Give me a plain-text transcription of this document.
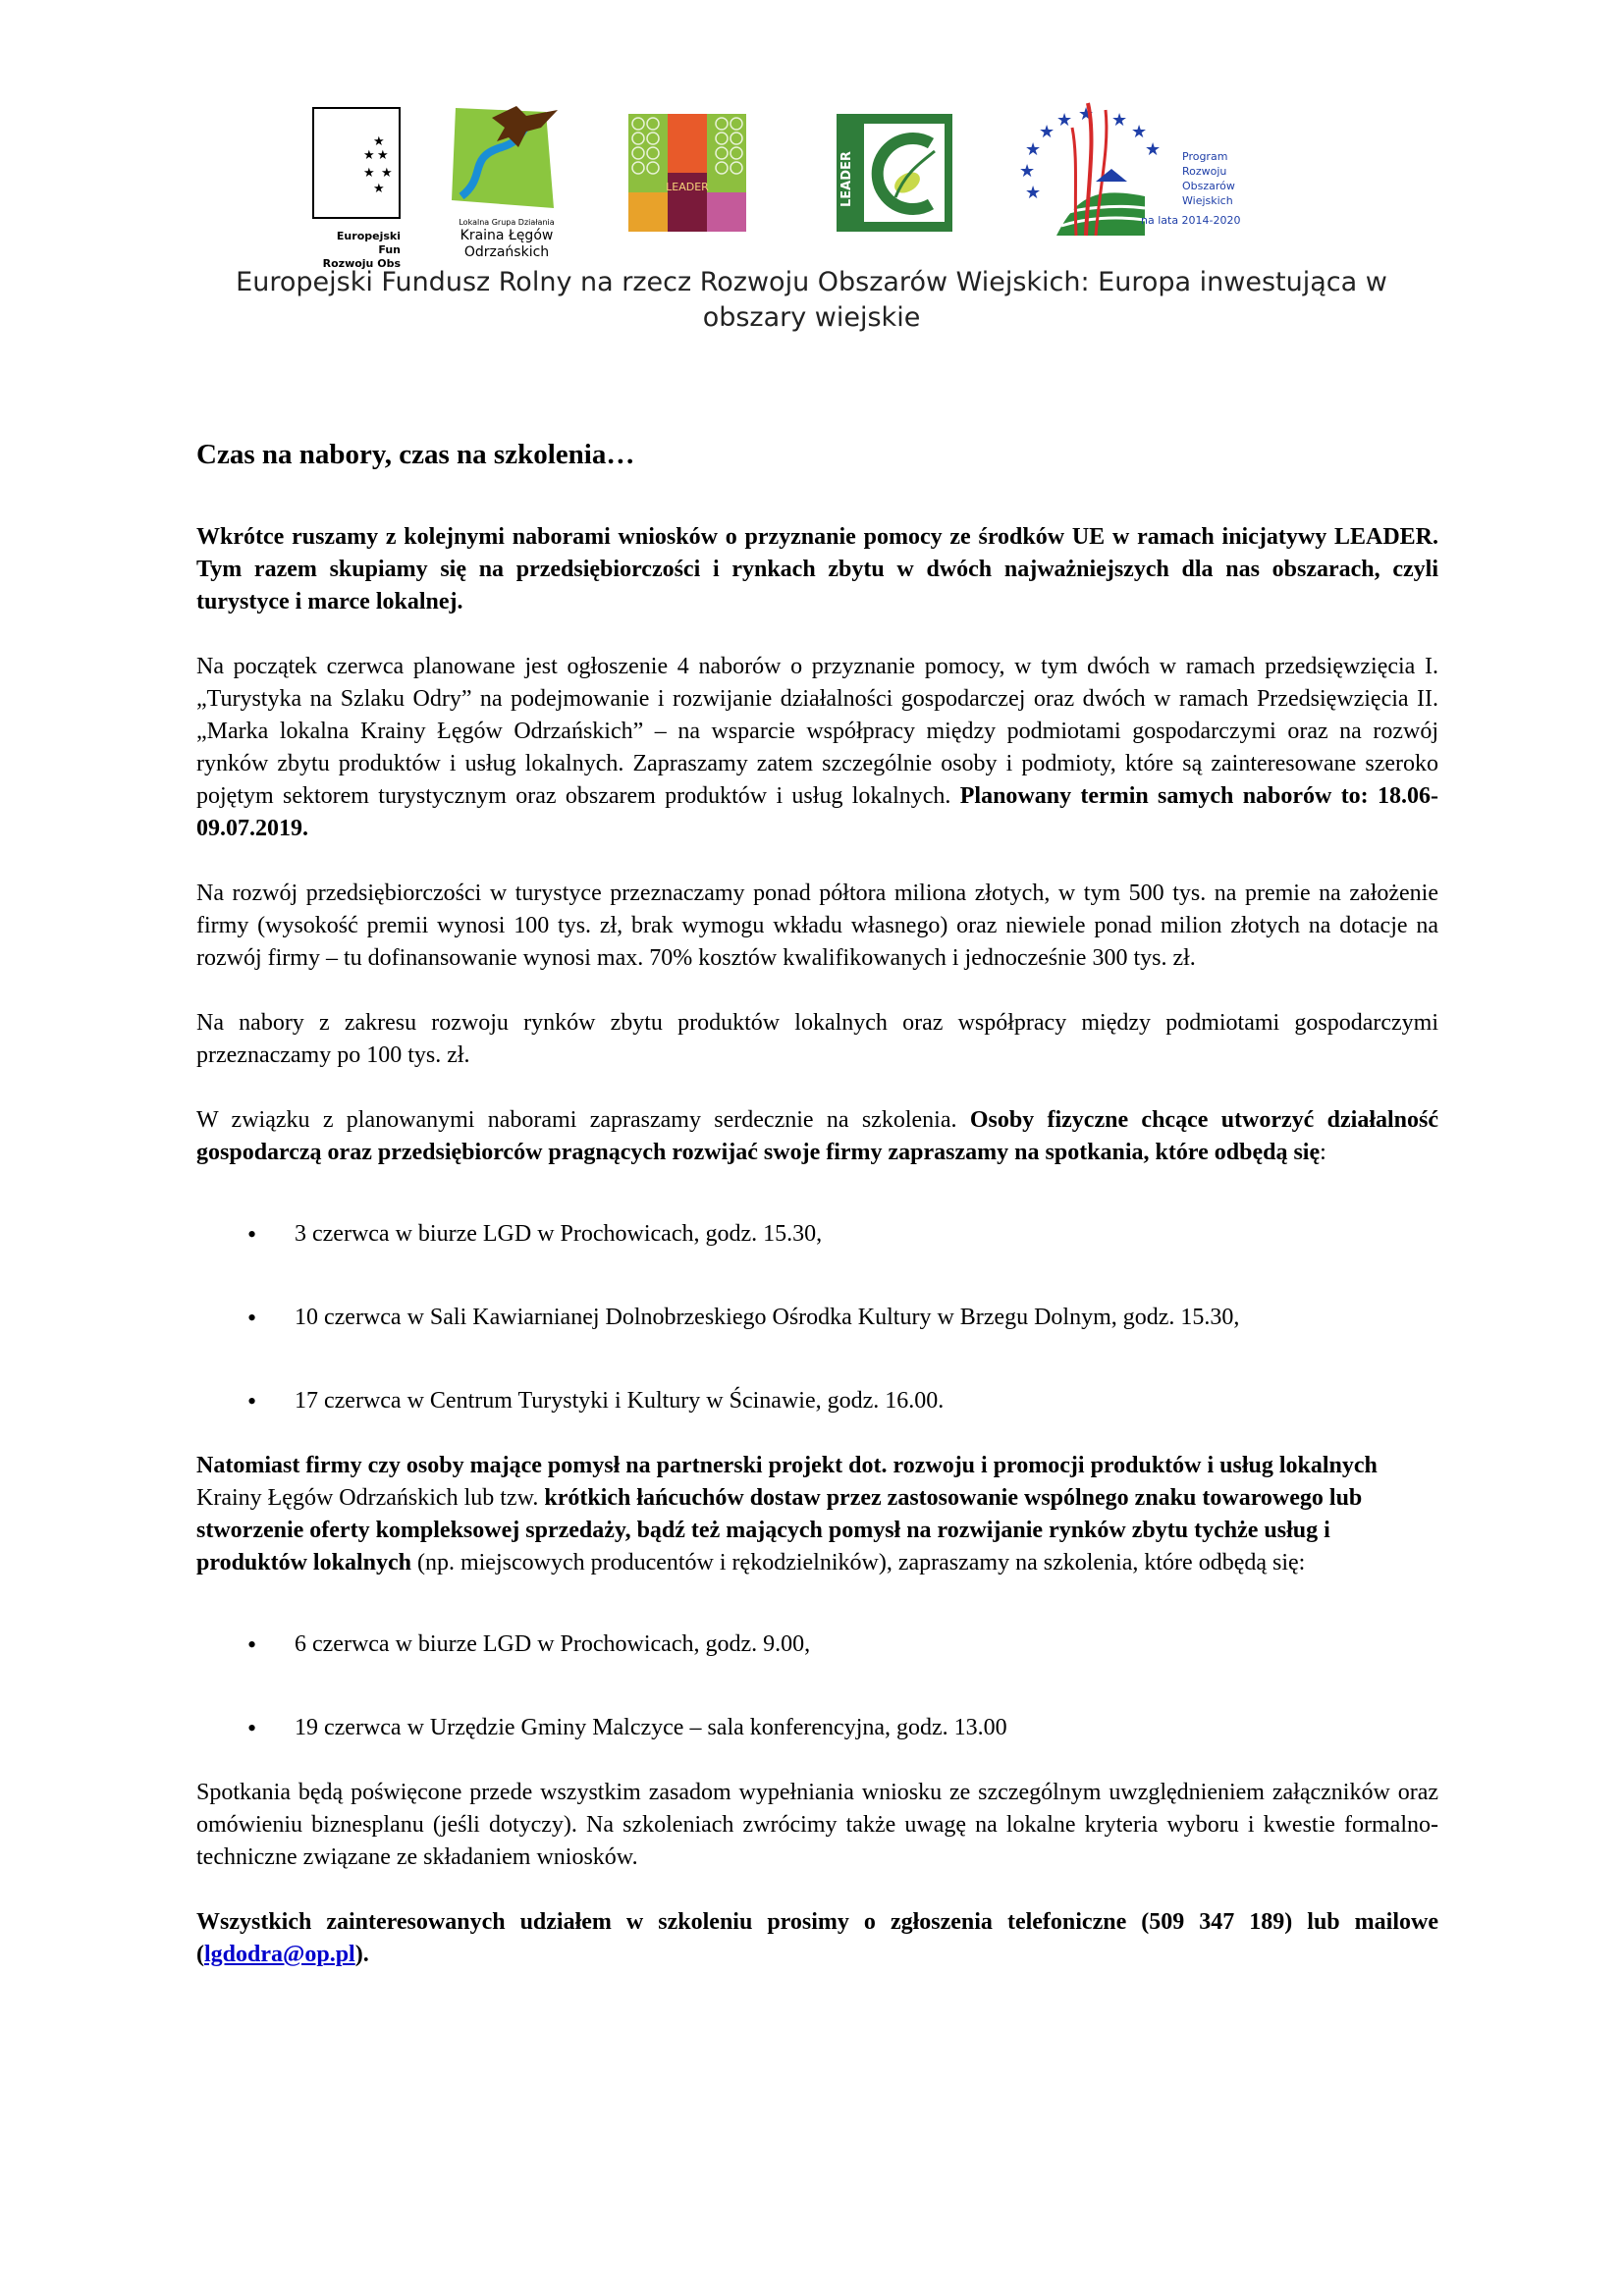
★
★ ★
★
★
★
Europejski Fun
Rozwoju Obs
Lokalna Grupa Działania
Kraina Łęgów
Odrzańskich
LEADER	LEADER
★
★ ★
★
★
★
★
★
★ Program
Rozwoju
Obszarów
Wiejskich
na lata 2014-2020
Europejski Fundusz Rolny na rzecz Rozwoju Obszarów Wiejskich: Europa inwestująca w obszary wiejskie
Czas na nabory, czas na szkolenia…

Wkrótce ruszamy z kolejnymi naborami wniosków o przyznanie pomocy ze środków UE w ramach inicjatywy LEADER. Tym razem skupiamy się na przedsiębiorczości i rynkach zbytu w dwóch najważniejszych dla nas obszarach, czyli turystyce i marce lokalnej.

Na początek czerwca planowane jest ogłoszenie 4 naborów o przyznanie pomocy, w tym dwóch w ramach przedsięwzięcia I. „Turystyka na Szlaku Odry” na podejmowanie i rozwijanie działalności gospodarczej oraz dwóch w ramach Przedsięwzięcia II. „Marka lokalna Krainy Łęgów Odrzańskich” – na wsparcie współpracy między podmiotami gospodarczymi oraz na rozwój rynków zbytu produktów i usług lokalnych. Zapraszamy zatem szczególnie osoby i podmioty, które są zainteresowane szeroko pojętym sektorem turystycznym oraz obszarem produktów i usług lokalnych. Planowany termin samych naborów to: 18.06-09.07.2019.

Na rozwój przedsiębiorczości w turystyce przeznaczamy ponad półtora miliona złotych, w tym 500 tys. na premie na założenie firmy (wysokość premii wynosi 100 tys. zł, brak wymogu wkładu własnego) oraz niewiele ponad milion złotych na dotacje na rozwój firmy – tu dofinansowanie wynosi max. 70% kosztów kwalifikowanych i jednocześnie 300 tys. zł.

Na nabory z zakresu rozwoju rynków zbytu produktów lokalnych oraz współpracy między podmiotami gospodarczymi przeznaczamy po 100 tys. zł.

W związku z planowanymi naborami zapraszamy serdecznie na szkolenia. Osoby fizyczne chcące utworzyć działalność gospodarczą oraz przedsiębiorców pragnących rozwijać swoje firmy zapraszamy na spotkania, które odbędą się:

• 3 czerwca w biurze LGD w Prochowicach, godz. 15.30,
• 10 czerwca w Sali Kawiarnianej Dolnobrzeskiego Ośrodka Kultury w Brzegu Dolnym, godz. 15.30,
• 17 czerwca w Centrum Turystyki i Kultury w Ścinawie, godz. 16.00.

Natomiast firmy czy osoby mające pomysł na partnerski projekt dot. rozwoju i promocji produktów i usług lokalnych Krainy Łęgów Odrzańskich lub tzw. krótkich łańcuchów dostaw przez zastosowanie wspólnego znaku towarowego lub stworzenie oferty kompleksowej sprzedaży, bądź też mających pomysł na rozwijanie rynków zbytu tychże usług i produktów lokalnych (np. miejscowych producentów i rękodzielników), zapraszamy na szkolenia, które odbędą się:

• 6 czerwca w biurze LGD w Prochowicach, godz. 9.00,
• 19 czerwca w Urzędzie Gminy Malczyce – sala konferencyjna, godz. 13.00

Spotkania będą poświęcone przede wszystkim zasadom wypełniania wniosku ze szczególnym uwzględnieniem załączników oraz omówieniu biznesplanu (jeśli dotyczy). Na szkoleniach zwrócimy także uwagę na lokalne kryteria wyboru i kwestie formalno-techniczne związane ze składaniem wniosków.

Wszystkich zainteresowanych udziałem w szkoleniu prosimy o zgłoszenia telefoniczne (509 347 189) lub mailowe (lgdodra@op.pl).
